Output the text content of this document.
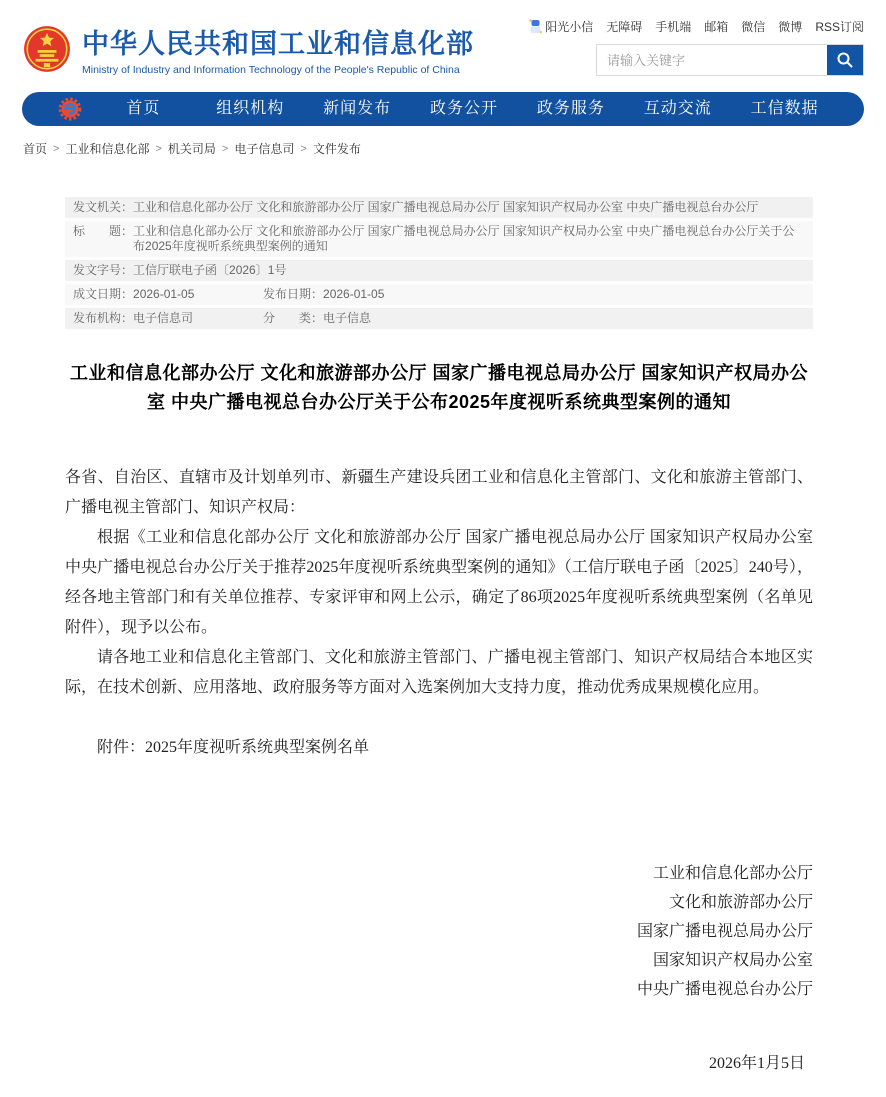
中华人民共和国工业和信息化部
Ministry of Industry and Information Technology of the People's Republic of China
阳光小信 无障碍 手机端 邮箱 微信 微博 RSS订阅
请输入关键字
首页	组织机构	新闻发布	政务公开	政务服务	互动交流	工信数据
首页 > 工业和信息化部 > 机关司局 > 电子信息司 > 文件发布
发文机关： 工业和信息化部办公厅 文化和旅游部办公厅 国家广播电视总局办公厅 国家知识产权局办公室 中央广播电视总台办公厅
标　　题： 工业和信息化部办公厅 文化和旅游部办公厅 国家广播电视总局办公厅 国家知识产权局办公室 中央广播电视总台办公厅关于公布2025年度视听系统典型案例的通知
发文字号： 工信厅联电子函〔2026〕1号
成文日期： 2026-01-05	发布日期： 2026-01-05
发布机构： 电子信息司	分　　类： 电子信息
工业和信息化部办公厅 文化和旅游部办公厅 国家广播电视总局办公厅 国家知识产权局办公室 中央广播电视总台办公厅关于公布2025年度视听系统典型案例的通知

各省、自治区、直辖市及计划单列市、新疆生产建设兵团工业和信息化主管部门、文化和旅游主管部门、广播电视主管部门、知识产权局：

根据《工业和信息化部办公厅 文化和旅游部办公厅 国家广播电视总局办公厅 国家知识产权局办公室 中央广播电视总台办公厅关于推荐2025年度视听系统典型案例的通知》（工信厅联电子函〔2025〕240号），经各地主管部门和有关单位推荐、专家评审和网上公示，确定了86项2025年度视听系统典型案例（名单见附件），现予以公布。

请各地工业和信息化主管部门、文化和旅游主管部门、广播电视主管部门、知识产权局结合本地区实际，在技术创新、应用落地、政府服务等方面对入选案例加大支持力度，推动优秀成果规模化应用。

附件：2025年度视听系统典型案例名单

工业和信息化部办公厅
文化和旅游部办公厅
国家广播电视总局办公厅
国家知识产权局办公室
中央广播电视总台办公厅
2026年1月5日
